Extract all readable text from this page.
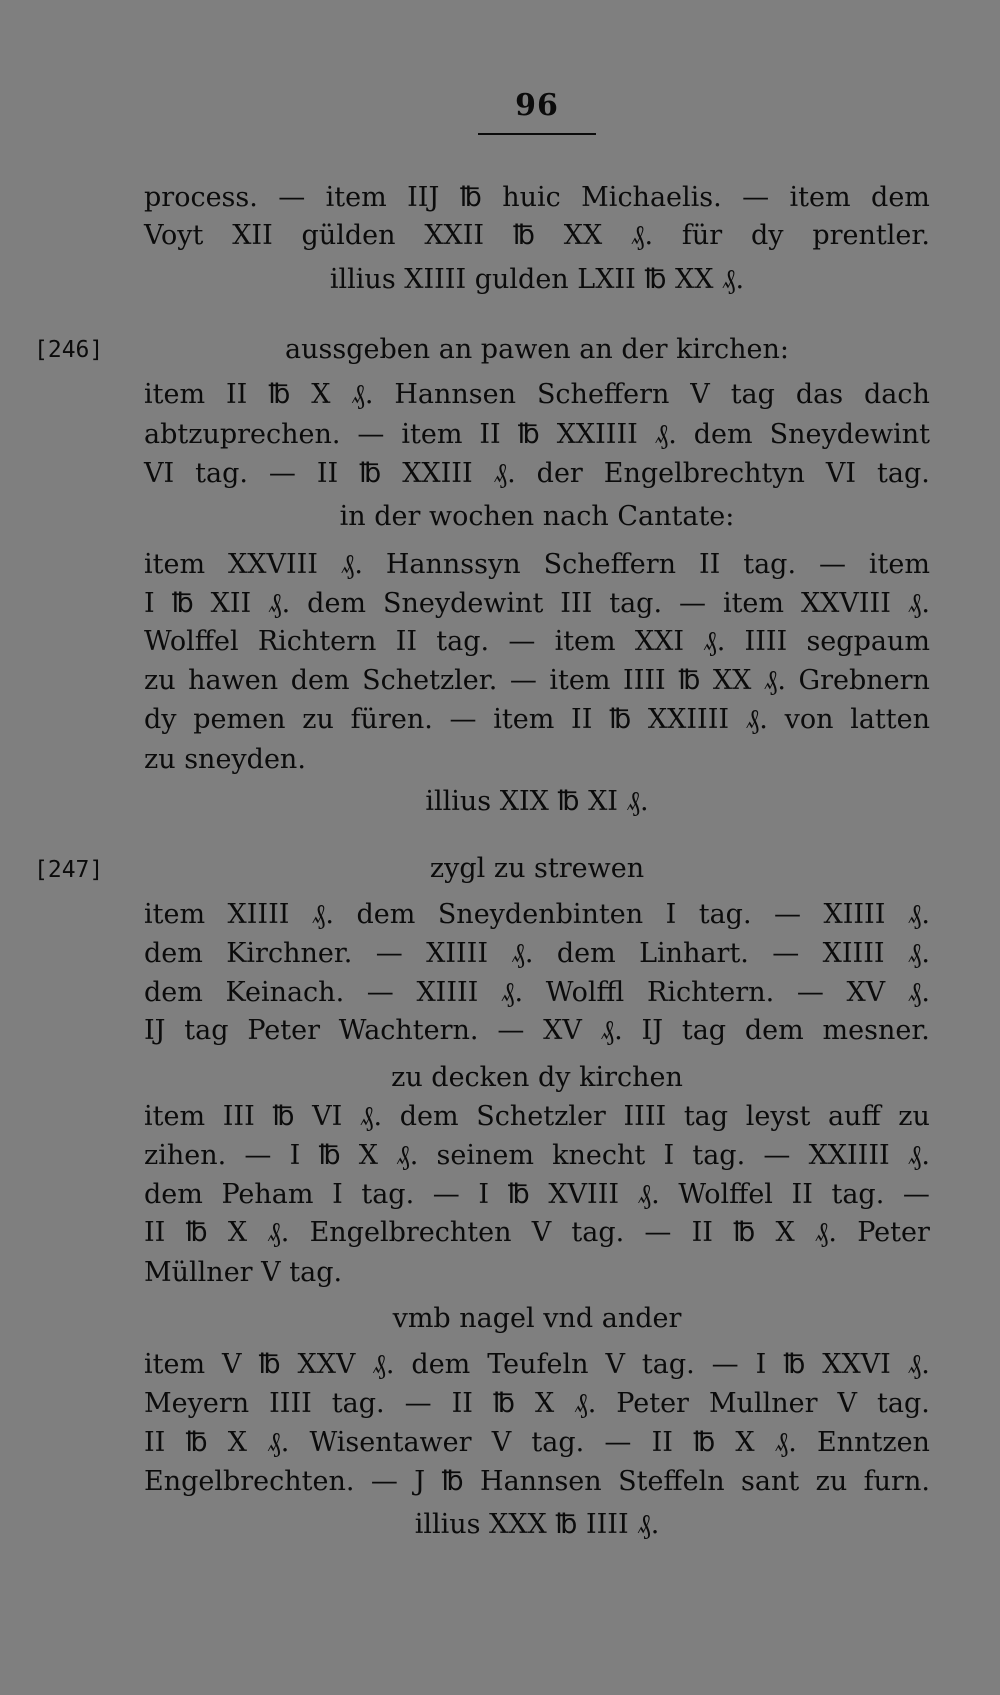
96
[246]
[247]
process. — item IIJ ℔ huic Michaelis. — item dem
Voyt XII gülden XXII ℔ XX ₰. für dy prentler.
illius XIIII gulden LXII ℔ XX ₰.
aussgeben an pawen an der kirchen:
item II ℔ X ₰. Hannsen Scheffern V tag das dach
abtzuprechen. — item II ℔ XXIIII ₰. dem Sneydewint
VI tag. — II ℔ XXIII ₰. der Engelbrechtyn VI tag.
in der wochen nach Cantate:
item XXVIII ₰. Hannssyn Scheffern II tag. — item
I ℔ XII ₰. dem Sneydewint III tag. — item XXVIII ₰.
Wolffel Richtern II tag. — item XXI ₰. IIII segpaum
zu hawen dem Schetzler. — item IIII ℔ XX ₰. Grebnern
dy pemen zu füren. — item II ℔ XXIIII ₰. von latten
zu sneyden.
illius XIX ℔ XI ₰.
zygl zu strewen
item XIIII ₰. dem Sneydenbinten I tag. — XIIII ₰.
dem Kirchner. — XIIII ₰. dem Linhart. — XIIII ₰.
dem Keinach. — XIIII ₰. Wolffl Richtern. — XV ₰.
IJ tag Peter Wachtern. — XV ₰. IJ tag dem mesner.
zu decken dy kirchen
item III ℔ VI ₰. dem Schetzler IIII tag leyst auff zu
zihen. — I ℔ X ₰. seinem knecht I tag. — XXIIII ₰.
dem Peham I tag. — I ℔ XVIII ₰. Wolffel II tag. —
II ℔ X ₰. Engelbrechten V tag. — II ℔ X ₰. Peter
Müllner V tag.
vmb nagel vnd ander
item V ℔ XXV ₰. dem Teufeln V tag. — I ℔ XXVI ₰.
Meyern IIII tag. — II ℔ X ₰. Peter Mullner V tag.
II ℔ X ₰. Wisentawer V tag. — II ℔ X ₰. Enntzen
Engelbrechten. — J ℔ Hannsen Steffeln sant zu furn.
illius XXX ℔ IIII ₰.
